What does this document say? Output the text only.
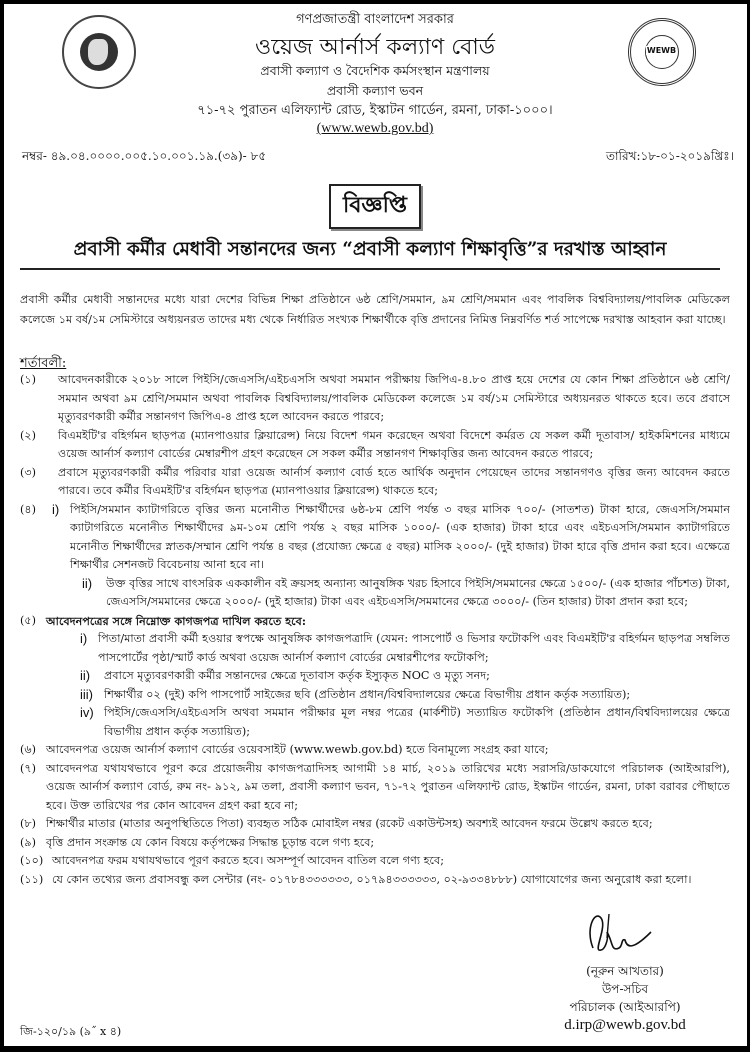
গণপ্রজাতন্ত্রী বাংলাদেশ সরকার
ওয়েজ আর্নার্স কল্যাণ বোর্ড
প্রবাসী কল্যাণ ও বৈদেশিক কর্মসংস্থান মন্ত্রণালয়
প্রবাসী কল্যাণ ভবন
৭১-৭২ পুরাতন এলিফ্যান্ট রোড, ইস্কাটন গার্ডেন, রমনা, ঢাকা-১০০০।
(www.wewb.gov.bd)
WEWB
নম্বর- ৪৯.০৪.০০০০.০০৫.১০.০০১.১৯.(৩৯)- ৮৫	তারিখ:১৮-০১-২০১৯খ্রিঃ।
বিজ্ঞপ্তি
প্রবাসী কর্মীর মেধাবী সন্তানদের জন্য “প্রবাসী কল্যাণ শিক্ষাবৃত্তি”র দরখাস্ত আহ্বান
প্রবাসী কর্মীর মেধাবী সন্তানদের মধ্যে যারা দেশের বিভিন্ন শিক্ষা প্রতিষ্ঠানে ৬ষ্ঠ শ্রেণি/সমমান, ৯ম শ্রেণি/সমমান এবং পাবলিক বিশ্ববিদ্যালয়/পাবলিক মেডিকেল কলেজে ১ম বর্ষ/১ম সেমিস্টারে অধ্যয়নরত তাদের মধ্য থেকে নির্ধারিত সংখ্যক শিক্ষার্থীকে বৃত্তি প্রদানের নিমিত্ত নিম্নবর্ণিত শর্ত সাপেক্ষে দরখাস্ত আহবান করা যাচ্ছে।
শর্তাবলী:
(১)	আবেদনকারীকে ২০১৮ সালে পিইসি/জেএসসি/এইচএসসি অথবা সমমান পরীক্ষায় জিপিএ-৪.৮০ প্রাপ্ত হয়ে দেশের যে কোন শিক্ষা প্রতিষ্ঠানে ৬ষ্ঠ শ্রেণি/সমমান অথবা ৯ম শ্রেণি/সমমান অথবা পাবলিক বিশ্ববিদ্যালয়/পাবলিক মেডিকেল কলেজে ১ম বর্ষ/১ম সেমিস্টারে অধ্যয়নরত থাকতে হবে। তবে প্রবাসে মৃত্যুবরণকারী কর্মীর সন্তানগণ জিপিএ-৪ প্রাপ্ত হলে আবেদন করতে পারবে;
(২)	বিএমইটি'র বহির্গমন ছাড়পত্র (ম্যানপাওয়ার ক্লিয়ারেন্স) নিয়ে বিদেশ গমন করেছেন অথবা বিদেশে কর্মরত যে সকল কর্মী দূতাবাস/ হাইকমিশনের মাধ্যমে ওয়েজ আর্নার্স কল্যাণ বোর্ডের মেম্বারশীপ গ্রহণ করেছেন সে সকল কর্মীর সন্তানগণ শিক্ষাবৃত্তির জন্য আবেদন করতে পারবে;
(৩)	প্রবাসে মৃত্যুবরণকারী কর্মীর পরিবার যারা ওয়েজ আর্নার্স কল্যাণ বোর্ড হতে আর্থিক অনুদান পেয়েছেন তাদের সন্তানগণও বৃত্তির জন্য আবেদন করতে পারবে। তবে কর্মীর বিএমইটি'র বহির্গমন ছাড়পত্র (ম্যানপাওয়ার ক্লিয়ারেন্স) থাকতে হবে;
(৪)	i) পিইসি/সমমান ক্যাটাগরিতে বৃত্তির জন্য মনোনীত শিক্ষার্থীদের ৬ষ্ঠ-৮ম শ্রেণি পর্যন্ত ৩ বছর মাসিক ৭০০/- (সাতশত) টাকা হারে, জেএসসি/সমমান ক্যাটাগরিতে মনোনীত শিক্ষার্থীদের ৯ম-১০ম শ্রেণি পর্যন্ত ২ বছর মাসিক ১০০০/- (এক হাজার) টাকা হারে এবং এইচএসসি/সমমান ক্যাটাগরিতে মনোনীত শিক্ষার্থীদের স্নাতক/সম্মান শ্রেণি পর্যন্ত ৪ বছর (প্রযোজ্য ক্ষেত্রে ৫ বছর) মাসিক ২০০০/- (দুই হাজার) টাকা হারে বৃত্তি প্রদান করা হবে। এক্ষেত্রে শিক্ষার্থীর সেশনজট বিবেচনায় আনা হবে না।
ii)	উক্ত বৃত্তির সাথে বাৎসরিক এককালীন বই ক্রয়সহ অন্যান্য আনুষঙ্গিক খরচ হিসাবে পিইসি/সমমানের ক্ষেত্রে ১৫০০/- (এক হাজার পাঁচশত) টাকা, জেএসসি/সমমানের ক্ষেত্রে ২০০০/- (দুই হাজার) টাকা এবং এইচএসসি/সমমানের ক্ষেত্রে ৩০০০/- (তিন হাজার) টাকা প্রদান করা হবে;
(৫) আবেদনপত্রের সঙ্গে নিম্নোক্ত কাগজপত্র দাখিল করতে হবে:
i) পিতা/মাতা প্রবাসী কর্মী হওয়ার স্বপক্ষে আনুষঙ্গিক কাগজপত্রাদি (যেমন: পাসপোর্ট ও ভিসার ফটোকপি এবং বিএমইটি'র বহির্গমন ছাড়পত্র সম্বলিত পাসপোর্টের পৃষ্ঠা/স্মার্ট কার্ড অথবা ওয়েজ আর্নার্স কল্যাণ বোর্ডের মেম্বারশীপের ফটোকপি;
ii)	প্রবাসে মৃত্যুবরণকারী কর্মীর সন্তানদের ক্ষেত্রে দূতাবাস কর্তৃক ইস্যুকৃত NOC ও মৃত্যু সনদ;
iii) শিক্ষার্থীর ০২ (দুই) কপি পাসপোর্ট সাইজের ছবি (প্রতিষ্ঠান প্রধান/বিশ্ববিদ্যালয়ের ক্ষেত্রে বিভাগীয় প্রধান কর্তৃক সত্যায়িত);
iv) পিইসি/জেএসসি/এইচএসসি অথবা সমমান পরীক্ষার মূল নম্বর পত্রের (মার্কশীট) সত্যায়িত ফটোকপি (প্রতিষ্ঠান প্রধান/বিশ্ববিদ্যালয়ের ক্ষেত্রে বিভাগীয় প্রধান কর্তৃক সত্যায়িত);
(৬) আবেদনপত্র ওয়েজ আর্নার্স কল্যাণ বোর্ডের ওয়েবসাইট (www.wewb.gov.bd) হতে বিনামূল্যে সংগ্রহ করা যাবে;
(৭) আবেদনপত্র যথাযথভাবে পূরণ করে প্রয়োজনীয় কাগজপত্রাদিসহ আগামী ১৪ মার্চ, ২০১৯ তারিখের মধ্যে সরাসরি/ডাকযোগে পরিচালক (আইআরপি), ওয়েজ আর্নার্স কল্যাণ বোর্ড, রুম নং- ৯১২, ৯ম তলা, প্রবাসী কল্যাণ ভবন, ৭১-৭২ পুরাতন এলিফ্যান্ট রোড, ইস্কাটন গার্ডেন, রমনা, ঢাকা বরাবর পৌছাতে হবে। উক্ত তারিখের পর কোন আবেদন গ্রহণ করা হবে না;
(৮) শিক্ষার্থীর মাতার (মাতার অনুপস্থিতিতে পিতা) ব্যবহৃত সঠিক মোবাইল নম্বর (রকেট একাউন্টসহ) অবশ্যই আবেদন ফরমে উল্লেখ করতে হবে;
(৯) বৃত্তি প্রদান সংক্রান্ত যে কোন বিষয়ে কর্তৃপক্ষের সিদ্ধান্ত চূড়ান্ত বলে গণ্য হবে;
(১০) আবেদনপত্র ফরম যথাযথভাবে পূরণ করতে হবে। অসম্পূর্ণ আবেদন বাতিল বলে গণ্য হবে;
(১১) যে কোন তথ্যের জন্য প্রবাসবন্ধু কল সেন্টার (নং- ০১৭৮৪৩৩৩৩৩৩, ০১৭৯৪৩৩৩৩৩৩, ০২-৯৩৩৪৮৮৮) যোগাযোগের জন্য অনুরোধ করা হলো।
(নূরুন আখতার)
উপ-সচিব
পরিচালক (আইআরপি)
d.irp@wewb.gov.bd
জি-১২০/১৯ (৯˝ x ৪)
